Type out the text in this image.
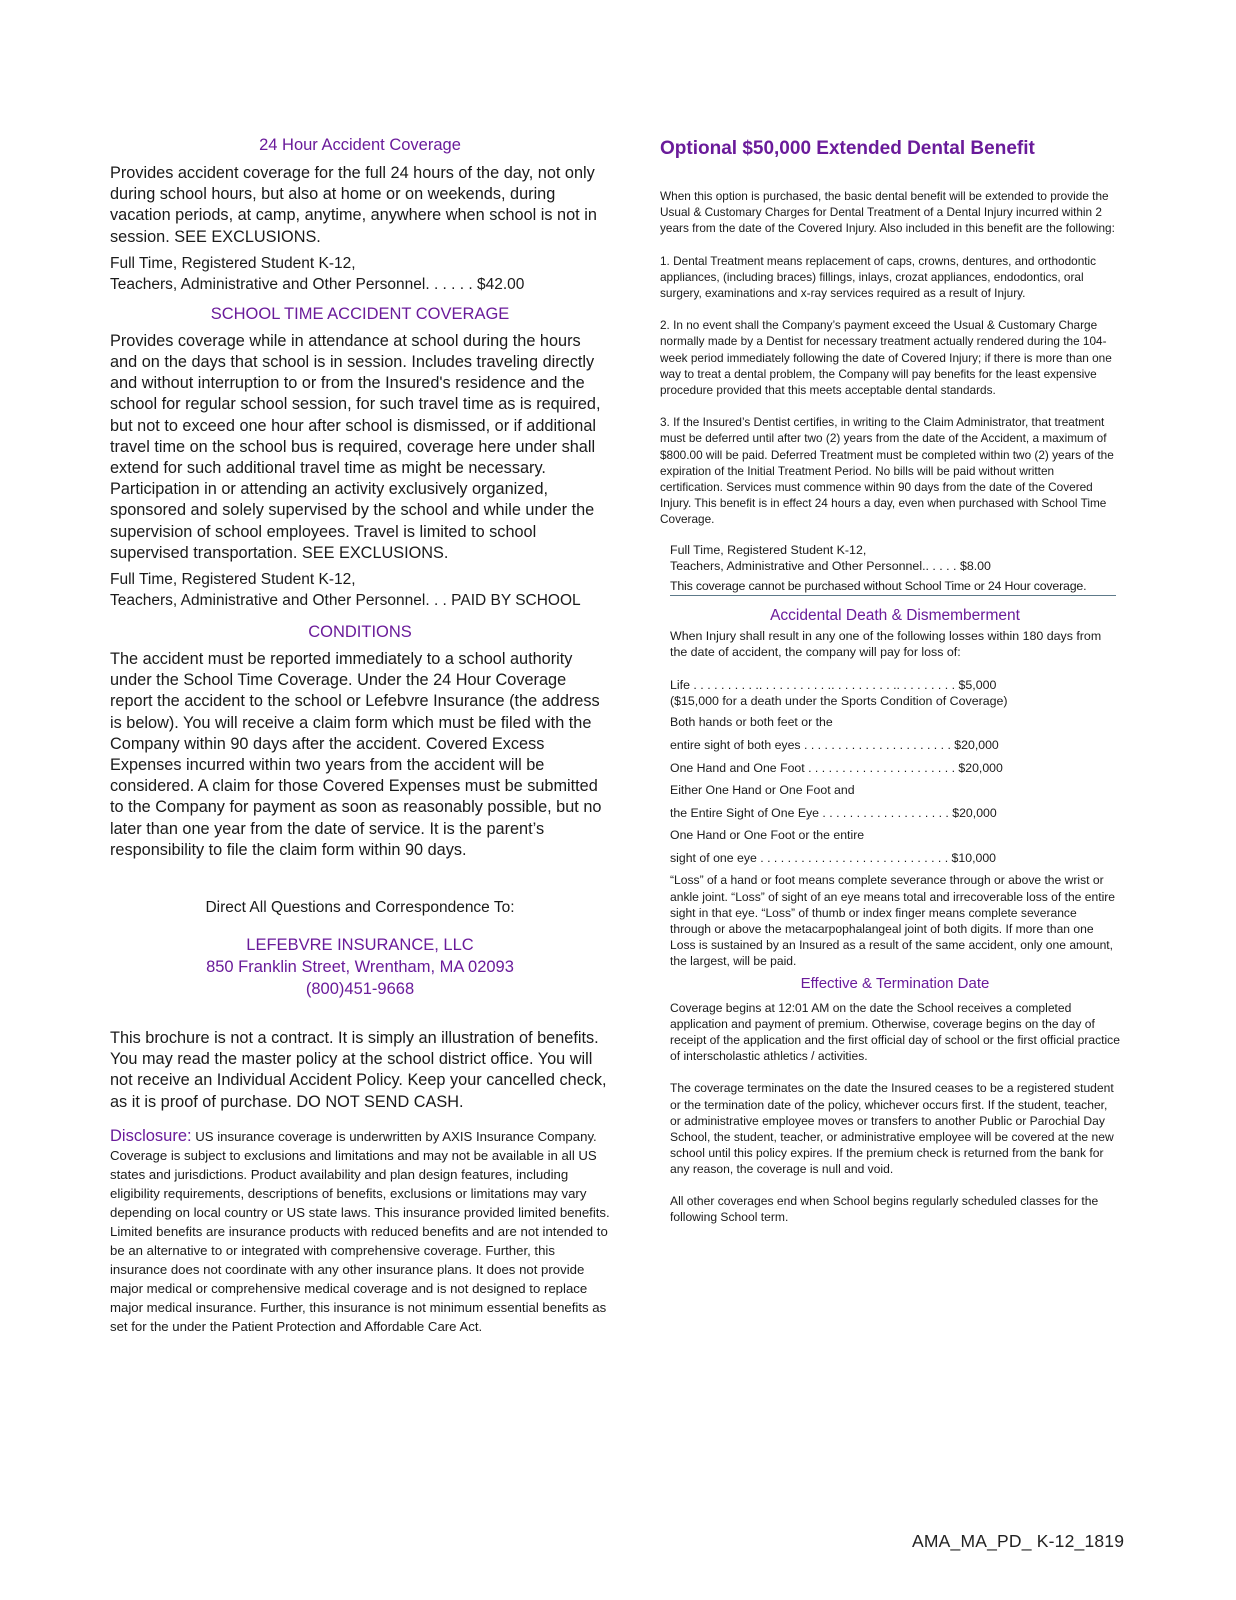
24 Hour Accident Coverage

Provides accident coverage for the full 24 hours of the day, not only during school hours, but also at home or on weekends, during vacation periods, at camp, anytime, anywhere when school is not in session. SEE EXCLUSIONS.

Full Time, Registered Student K-12,

Teachers, Administrative and Other Personnel. . . . . . $42.00

SCHOOL TIME ACCIDENT COVERAGE

Provides coverage while in attendance at school during the hours and on the days that school is in session. Includes traveling directly and without interruption to or from the Insured's residence and the school for regular school session, for such travel time as is required, but not to exceed one hour after school is dismissed, or if additional travel time on the school bus is required, coverage here under shall extend for such additional travel time as might be necessary. Participation in or attending an activity exclusively organized, sponsored and solely supervised by the school and while under the supervision of school employees. Travel is limited to school supervised transportation. SEE EXCLUSIONS.

Full Time, Registered Student K-12,

Teachers, Administrative and Other Personnel. . . PAID BY SCHOOL

CONDITIONS

The accident must be reported immediately to a school authority under the School Time Coverage. Under the 24 Hour Coverage report the accident to the school or Lefebvre Insurance (the address is below). You will receive a claim form which must be filed with the Company within 90 days after the accident. Covered Excess Expenses incurred within two years from the accident will be considered. A claim for those Covered Expenses must be submitted to the Company for payment as soon as reasonably possible, but no later than one year from the date of service. It is the parent’s responsibility to file the claim form within 90 days.

Direct All Questions and Correspondence To:

LEFEBVRE INSURANCE, LLC

850 Franklin Street, Wrentham, MA 02093

(800)451-9668

This brochure is not a contract. It is simply an illustration of benefits. You may read the master policy at the school district office. You will not receive an Individual Accident Policy. Keep your cancelled check, as it is proof of purchase. DO NOT SEND CASH.

Disclosure: US insurance coverage is underwritten by AXIS Insurance Company. Coverage is subject to exclusions and limitations and may not be available in all US states and jurisdictions. Product availability and plan design features, including eligibility requirements, descriptions of benefits, exclusions or limitations may vary depending on local country or US state laws. This insurance provided limited benefits. Limited benefits are insurance products with reduced benefits and are not intended to be an alternative to or integrated with comprehensive coverage. Further, this insurance does not coordinate with any other insurance plans. It does not provide major medical or comprehensive medical coverage and is not designed to replace major medical insurance. Further, this insurance is not minimum essential benefits as set for the under the Patient Protection and Affordable Care Act.

Optional $50,000 Extended Dental Benefit

When this option is purchased, the basic dental benefit will be extended to provide the Usual & Customary Charges for Dental Treatment of a Dental Injury incurred within 2 years from the date of the Covered Injury. Also included in this benefit are the following:

1. Dental Treatment means replacement of caps, crowns, dentures, and orthodontic appliances, (including braces) fillings, inlays, crozat appliances, endodontics, oral surgery, examinations and x-ray services required as a result of Injury.

2. In no event shall the Company’s payment exceed the Usual & Customary Charge normally made by a Dentist for necessary treatment actually rendered during the 104-week period immediately following the date of Covered Injury; if there is more than one way to treat a dental problem, the Company will pay benefits for the least expensive procedure provided that this meets acceptable dental standards.

3. If the Insured’s Dentist certifies, in writing to the Claim Administrator, that treatment must be deferred until after two (2) years from the date of the Accident, a maximum of $800.00 will be paid. Deferred Treatment must be completed within two (2) years of the expiration of the Initial Treatment Period. No bills will be paid without written certification. Services must commence within 90 days from the date of the Covered Injury. This benefit is in effect 24 hours a day, even when purchased with School Time Coverage.

Full Time, Registered Student K-12,

Teachers, Administrative and Other Personnel.. . . . . $8.00

This coverage cannot be purchased without School Time or 24 Hour coverage.

Accidental Death & Dismemberment

When Injury shall result in any one of the following losses within 180 days from the date of accident, the company will pay for loss of:

Life . . . . . . . . . .. . . . . . . . . . .. . . . . . . . . .. . . . . . . . . $5,000

($15,000 for a death under the Sports Condition of Coverage)

Both hands or both feet or the

entire sight of both eyes . . . . . . . . . . . . . . . . . . . . . . $20,000

One Hand and One Foot . . . . . . . . . . . . . . . . . . . . . . $20,000

Either One Hand or One Foot and

the Entire Sight of One Eye . . . . . . . . . . . . . . . . . . . $20,000

One Hand or One Foot or the entire

sight of one eye . . . . . . . . . . . . . . . . . . . . . . . . . . . . $10,000

“Loss” of a hand or foot means complete severance through or above the wrist or ankle joint. “Loss” of sight of an eye means total and irrecoverable loss of the entire sight in that eye. “Loss” of thumb or index finger means complete severance through or above the metacarpophalangeal joint of both digits. If more than one Loss is sustained by an Insured as a result of the same accident, only one amount, the largest, will be paid.

Effective & Termination Date

Coverage begins at 12:01 AM on the date the School receives a completed application and payment of premium. Otherwise, coverage begins on the day of receipt of the application and the first official day of school or the first official practice of interscholastic athletics / activities.

The coverage terminates on the date the Insured ceases to be a registered student or the termination date of the policy, whichever occurs first. If the student, teacher, or administrative employee moves or transfers to another Public or Parochial Day School, the student, teacher, or administrative employee will be covered at the new school until this policy expires. If the premium check is returned from the bank for any reason, the coverage is null and void.

All other coverages end when School begins regularly scheduled classes for the following School term.

AMA_MA_PD_ K-12_1819
